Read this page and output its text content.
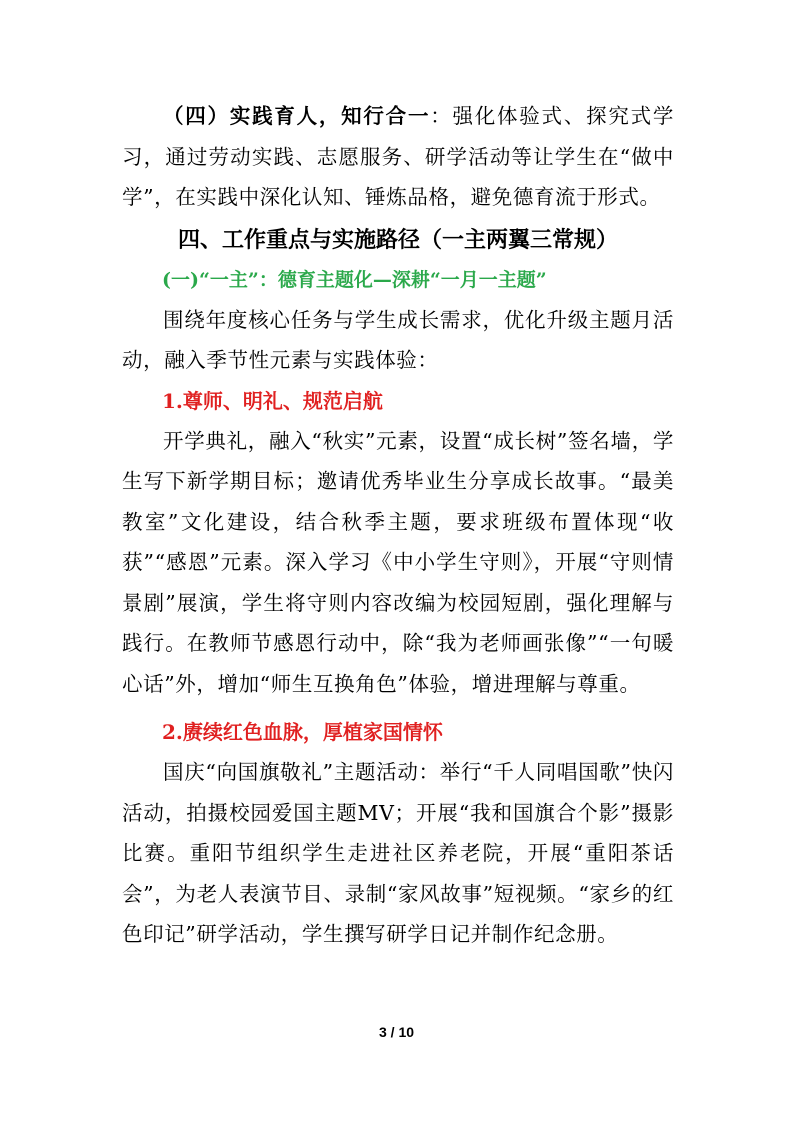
（四）实践育人，知行合一：强化体验式、探究式学习，通过劳动实践、志愿服务、研学活动等让学生在“做中学”，在实践中深化认知、锤炼品格，避免德育流于形式。

四、工作重点与实施路径（一主两翼三常规）
(一)“一主”：德育主题化—深耕“一月一主题”

围绕年度核心任务与学生成长需求，优化升级主题月活动，融入季节性元素与实践体验：

1.尊师、明礼、规范启航

开学典礼，融入“秋实”元素，设置“成长树”签名墙，学生写下新学期目标；邀请优秀毕业生分享成长故事。“最美教室”文化建设，结合秋季主题，要求班级布置体现“收获”“感恩”元素。深入学习《中小学生守则》，开展“守则情景剧”展演，学生将守则内容改编为校园短剧，强化理解与践行。在教师节感恩行动中，除“我为老师画张像”“一句暖心话”外，增加“师生互换角色”体验，增进理解与尊重。

2.赓续红色血脉，厚植家国情怀

国庆“向国旗敬礼”主题活动：举行“千人同唱国歌”快闪活动，拍摄校园爱国主题MV；开展“我和国旗合个影”摄影比赛。重阳节组织学生走进社区养老院，开展“重阳茶话会”，为老人表演节目、录制“家风故事”短视频。“家乡的红色印记”研学活动，学生撰写研学日记并制作纪念册。

3 / 10
